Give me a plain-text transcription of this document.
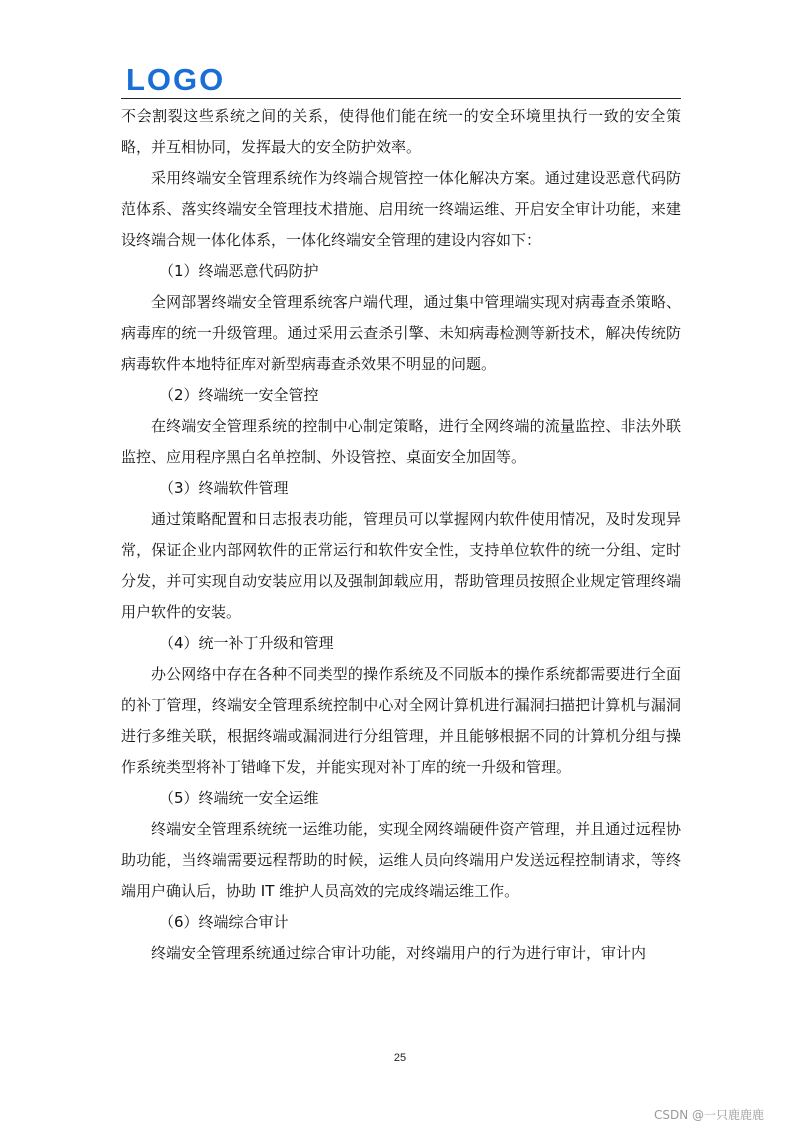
LOGO

不会割裂这些系统之间的关系，使得他们能在统一的安全环境里执行一致的安全策略，并互相协同，发挥最大的安全防护效率。

采用终端安全管理系统作为终端合规管控一体化解决方案。通过建设恶意代码防范体系、落实终端安全管理技术措施、启用统一终端运维、开启安全审计功能，来建设终端合规一体化体系，一体化终端安全管理的建设内容如下：

（1）终端恶意代码防护

全网部署终端安全管理系统客户端代理，通过集中管理端实现对病毒查杀策略、病毒库的统一升级管理。通过采用云查杀引擎、未知病毒检测等新技术，解决传统防病毒软件本地特征库对新型病毒查杀效果不明显的问题。

（2）终端统一安全管控

在终端安全管理系统的控制中心制定策略，进行全网终端的流量监控、非法外联监控、应用程序黑白名单控制、外设管控、桌面安全加固等。

（3）终端软件管理

通过策略配置和日志报表功能，管理员可以掌握网内软件使用情况，及时发现异常，保证企业内部网软件的正常运行和软件安全性，支持单位软件的统一分组、定时分发，并可实现自动安装应用以及强制卸载应用，帮助管理员按照企业规定管理终端用户软件的安装。

（4）统一补丁升级和管理

办公网络中存在各种不同类型的操作系统及不同版本的操作系统都需要进行全面的补丁管理，终端安全管理系统控制中心对全网计算机进行漏洞扫描把计算机与漏洞进行多维关联，根据终端或漏洞进行分组管理，并且能够根据不同的计算机分组与操作系统类型将补丁错峰下发，并能实现对补丁库的统一升级和管理。

（5）终端统一安全运维

终端安全管理系统统一运维功能，实现全网终端硬件资产管理，并且通过远程协助功能，当终端需要远程帮助的时候，运维人员向终端用户发送远程控制请求，等终端用户确认后，协助 IT 维护人员高效的完成终端运维工作。

（6）终端综合审计

终端安全管理系统通过综合审计功能，对终端用户的行为进行审计，审计内

25
CSDN @一只鹿鹿鹿
